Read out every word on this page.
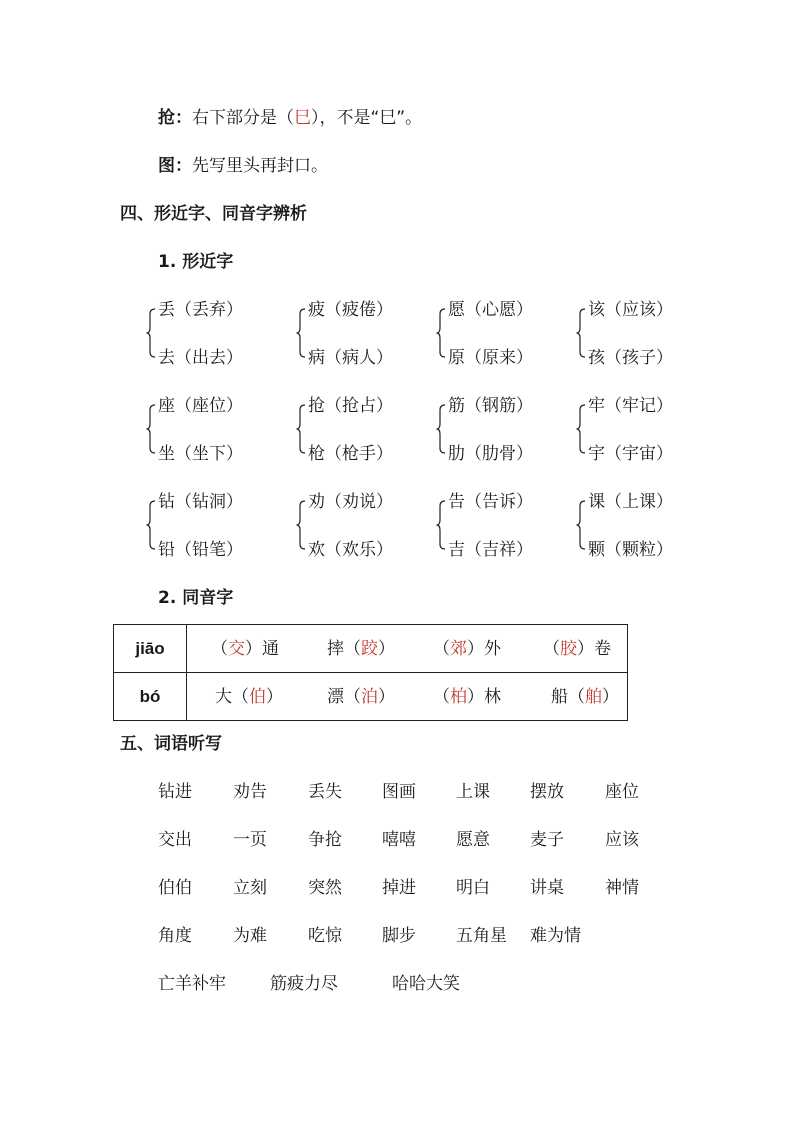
抢：右下部分是（巳），不是“巳”。
图：先写里头再封口。
四、形近字、同音字辨析
1. 形近字
丢（丢弃）
去（出去）
疲（疲倦）
病（病人）
愿（心愿）
原（原来）
该（应该）
孩（孩子）
座（座位）
坐（坐下）
抢（抢占）
枪（枪手）
筋（钢筋）
肋（肋骨）
牢（牢记）
宇（宇宙）
钻（钻洞）
铅（铅笔）
劝（劝说）
欢（欢乐）
告（告诉）
吉（吉祥）
课（上课）
颗（颗粒）
2. 同音字
jiāo	（交）通 摔（跤） （郊）外 （胶）卷

bó	大（伯） 漂（泊） （柏）林 船（舶）
五、词语听写
钻进 劝告 丢失 图画 上课 摆放 座位
交出 一页 争抢 嘻嘻 愿意 麦子 应该
伯伯 立刻 突然 掉进 明白 讲桌 神情
角度 为难 吃惊 脚步 五角星 难为情
亡羊补牢	筋疲力尽	哈哈大笑
